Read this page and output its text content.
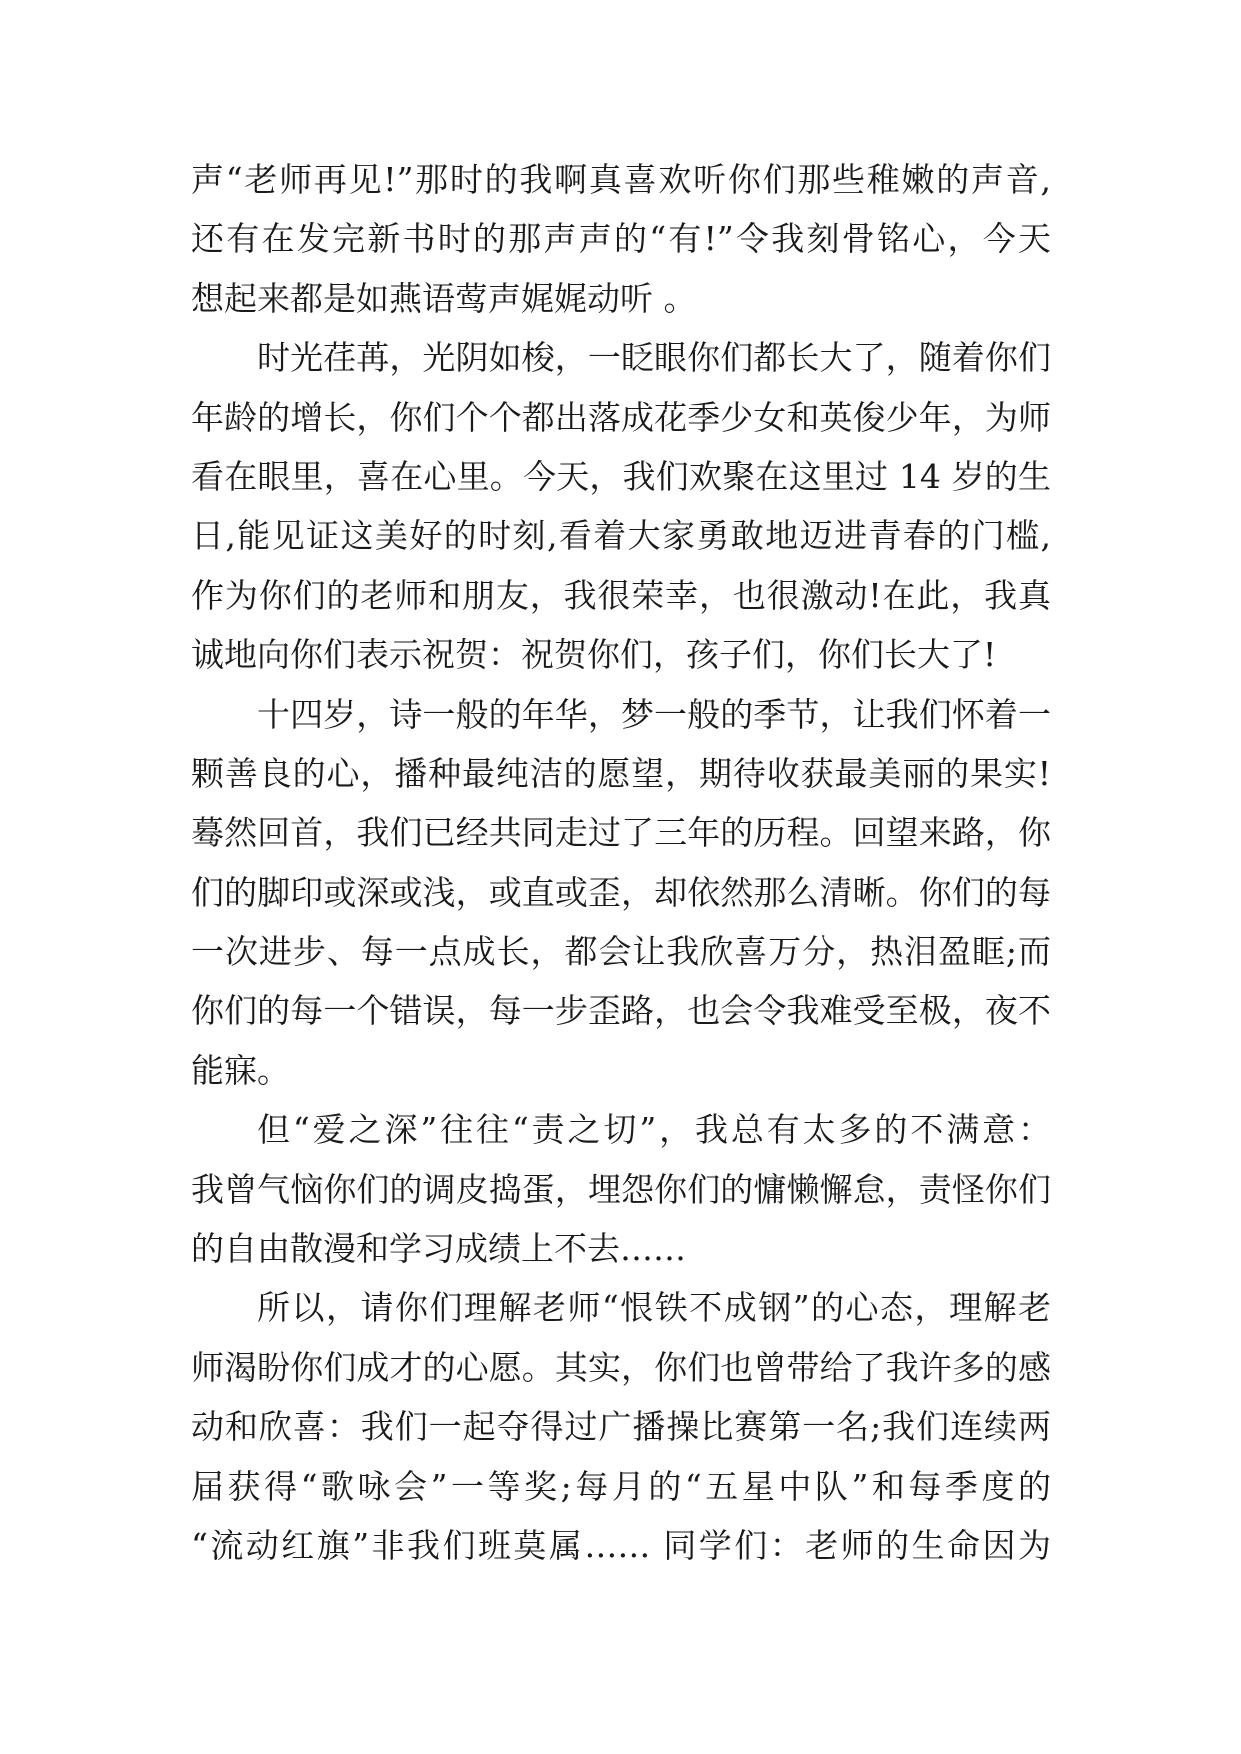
声“老师再见!”那时的我啊真喜欢听你们那些稚嫩的声音,
还有在发完新书时的那声声的“有!”令我刻骨铭心，今天
想起来都是如燕语莺声娓娓动听 。
时光荏苒，光阴如梭，一眨眼你们都长大了，随着你们
年龄的增长，你们个个都出落成花季少女和英俊少年，为师
看在眼里，喜在心里。今天，我们欢聚在这里过 14 岁的生
日,能见证这美好的时刻,看着大家勇敢地迈进青春的门槛,
作为你们的老师和朋友，我很荣幸，也很激动!在此，我真
诚地向你们表示祝贺：祝贺你们，孩子们，你们长大了!
十四岁，诗一般的年华，梦一般的季节，让我们怀着一
颗善良的心，播种最纯洁的愿望，期待收获最美丽的果实!
蓦然回首，我们已经共同走过了三年的历程。回望来路，你
们的脚印或深或浅，或直或歪，却依然那么清晰。你们的每
一次进步、每一点成长，都会让我欣喜万分，热泪盈眶;而
你们的每一个错误，每一步歪路，也会令我难受至极，夜不
能寐。
但“爱之深”往往“责之切”，我总有太多的不满意：
我曾气恼你们的调皮捣蛋，埋怨你们的慵懒懈怠，责怪你们
的自由散漫和学习成绩上不去……
所以，请你们理解老师“恨铁不成钢”的心态，理解老
师渴盼你们成才的心愿。其实，你们也曾带给了我许多的感
动和欣喜：我们一起夺得过广播操比赛第一名;我们连续两
届获得“歌咏会”一等奖;每月的“五星中队”和每季度的
“流动红旗”非我们班莫属…… 同学们：老师的生命因为
